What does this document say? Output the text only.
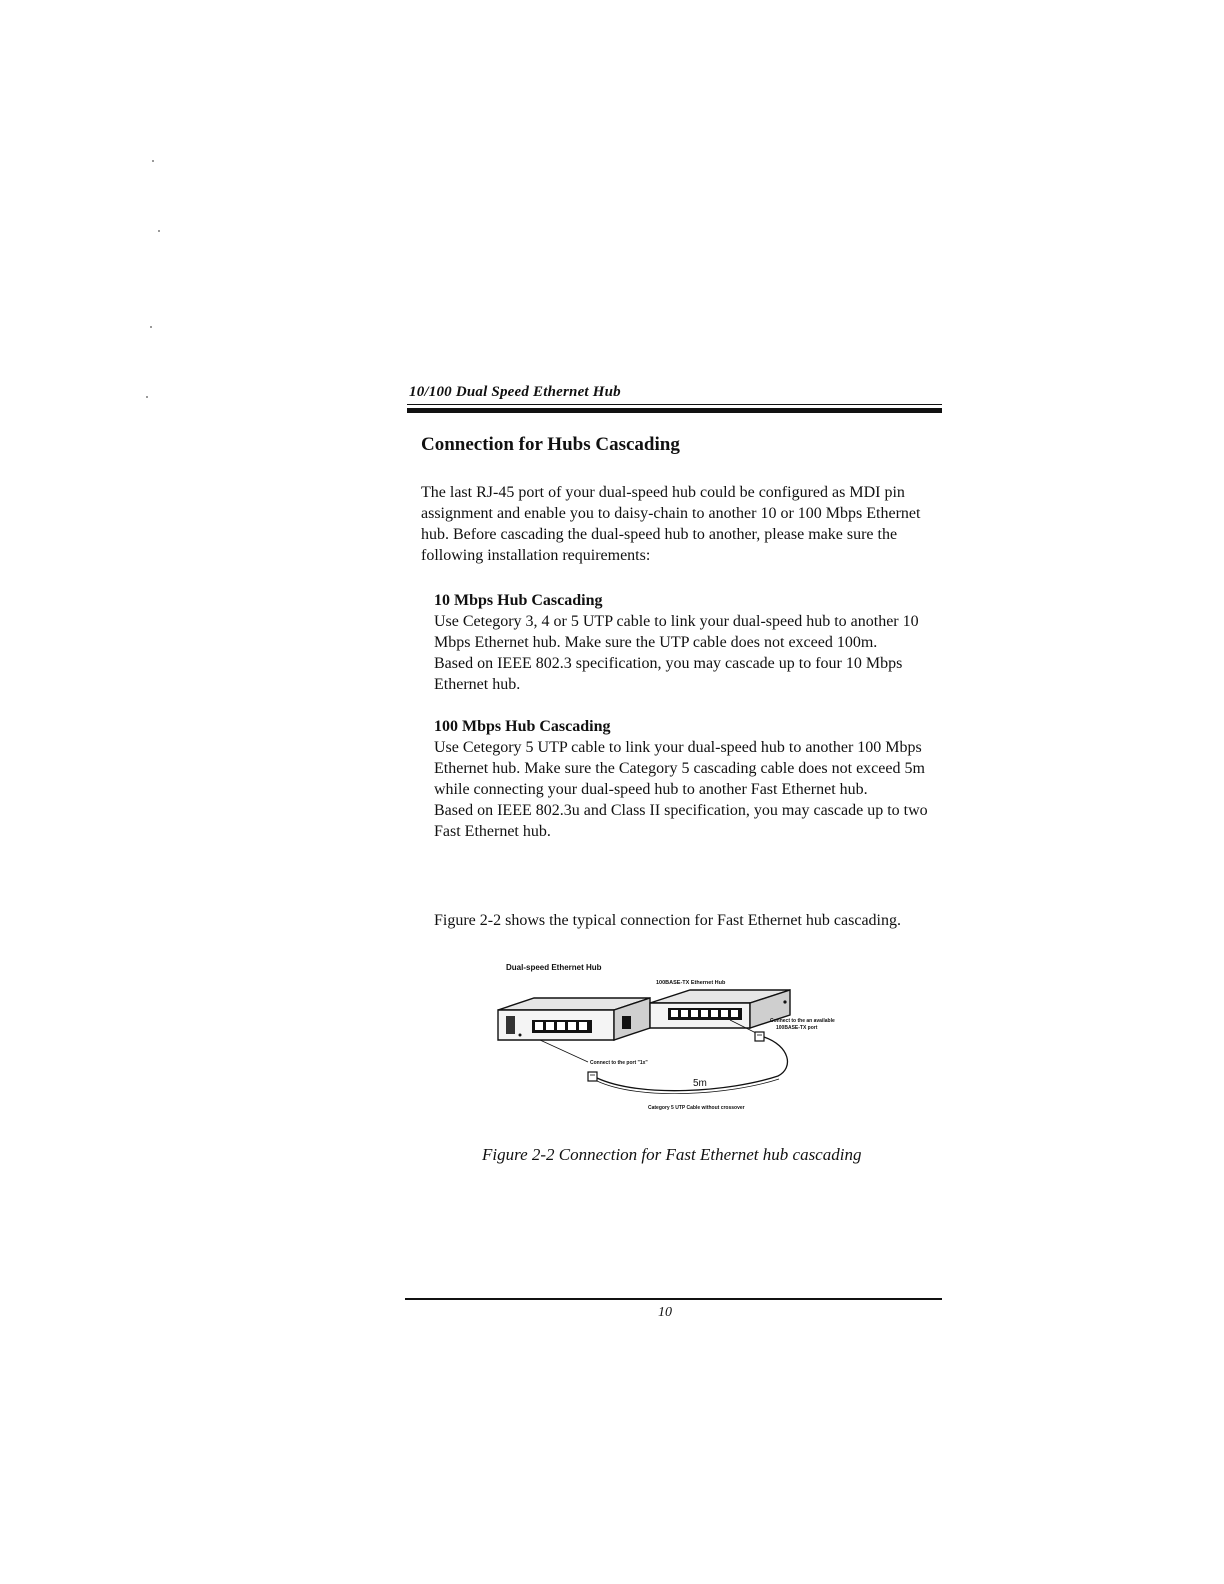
10/100 Dual Speed Ethernet Hub
Connection for Hubs Cascading

The last RJ-45 port of your dual-speed hub could be configured as MDI pin assignment and enable you to daisy-chain to another 10 or 100 Mbps Ethernet hub. Before cascading the dual-speed hub to another, please make sure the following installation requirements:

10 Mbps Hub Cascading

Use Cetegory 3, 4 or 5 UTP cable to link your dual-speed hub to another 10 Mbps Ethernet hub. Make sure the UTP cable does not exceed 100m.

Based on IEEE 802.3 specification, you may cascade up to four 10 Mbps Ethernet hub.

100 Mbps Hub Cascading

Use Cetegory 5 UTP cable to link your dual-speed hub to another 100 Mbps Ethernet hub. Make sure the Category 5 cascading cable does not exceed 5m while connecting your dual-speed hub to another Fast Ethernet hub.

Based on IEEE 802.3u and Class II specification, you may cascade up to two Fast Ethernet hub.

Figure 2-2 shows the typical connection for Fast Ethernet hub cascading.

Dual-speed Ethernet Hub
100BASE-TX Ethernet Hub
Connect to the port "1x"
Connect to the an available
100BASE-TX port
5m
Category 5 UTP Cable without crossover

Figure 2-2 Connection for Fast Ethernet hub cascading

10
